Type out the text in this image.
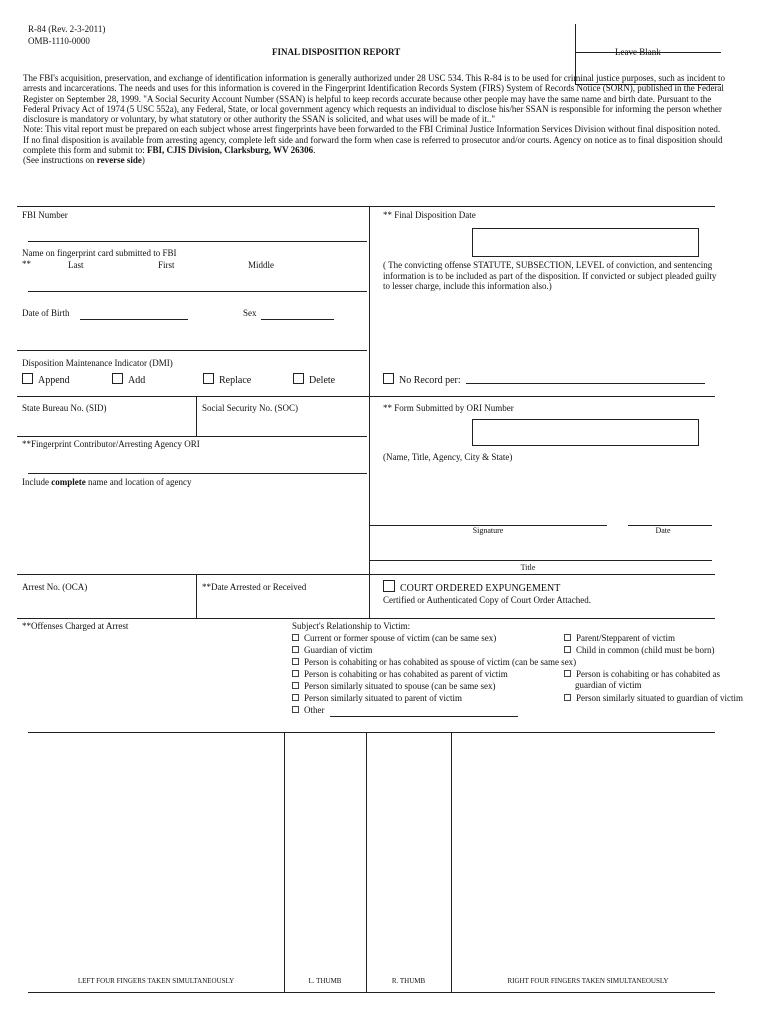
R-84 (Rev. 2-3-2011)
OMB-1110-0000
FINAL DISPOSITION REPORT	Leave Blank

The FBI's acquisition, preservation, and exchange of identification information is generally authorized under 28 USC 534. This R-84 is to be used for criminal justice purposes, such as incident to arrests and incarcerations. The needs and uses for this information is covered in the Fingerprint Identification Records System (FIRS) System of Records Notice (SORN), published in the Federal Register on September 28, 1999. "A Social Security Account Number (SSAN) is helpful to keep records accurate because other people may have the same name and birth date. Pursuant to the Federal Privacy Act of 1974 (5 USC 552a), any Federal, State, or local government agency which requests an individual to disclose his/her SSAN is responsible for informing the person whether disclosure is mandatory or voluntary, by what statutory or other authority the SSAN is solicited, and what uses will be made of it.."

Note: This vital report must be prepared on each subject whose arrest fingerprints have been forwarded to the FBI Criminal Justice Information Services Division without final disposition noted. If no final disposition is available from arresting agency, complete left side and forward the form when case is referred to prosecutor and/or courts. Agency on notice as to final disposition should complete this form and submit to: FBI, CJIS Division, Clarksburg, WV 26306.

(See instructions on reverse side)

FBI Number
Name on fingerprint card submitted to FBI
**	Last	First	Middle
Date of Birth	Sex
Disposition Maintenance Indicator (DMI)
Append	Add	Replace	Delete
State Bureau No. (SID)	Social Security No. (SOC)
**Fingerprint Contributor/Arresting Agency ORI
Include complete name and location of agency
Arrest No. (OCA)	**Date Arrested or Received
**Offenses Charged at Arrest
** Final Disposition Date
( The convicting offense STATUTE, SUBSECTION, LEVEL of conviction, and sentencing information is to be included as part of the disposition. If convicted or subject pleaded guilty to lesser charge, include this information also.)
No Record per:
** Form Submitted by ORI Number
(Name, Title, Agency, City & State)
Signature	Date
Title
COURT ORDERED EXPUNGEMENT
Certified or Authenticated Copy of Court Order Attached.
Subject's Relationship to Victim:
Current or former spouse of victim (can be same sex)
Guardian of victim
Person is cohabiting or has cohabited as spouse of victim (can be same sex)
Person is cohabiting or has cohabited as parent of victim
Person similarly situated to spouse (can be same sex)
Person similarly situated to parent of victim
Other
Parent/Stepparent of victim
Child in common (child must be born)
Person is cohabiting or has cohabited as guardian of victim
Person similarly situated to guardian of victim
LEFT FOUR FINGERS TAKEN SIMULTANEOUSLY	L. THUMB	R. THUMB	RIGHT FOUR FINGERS TAKEN SIMULTANEOUSLY
